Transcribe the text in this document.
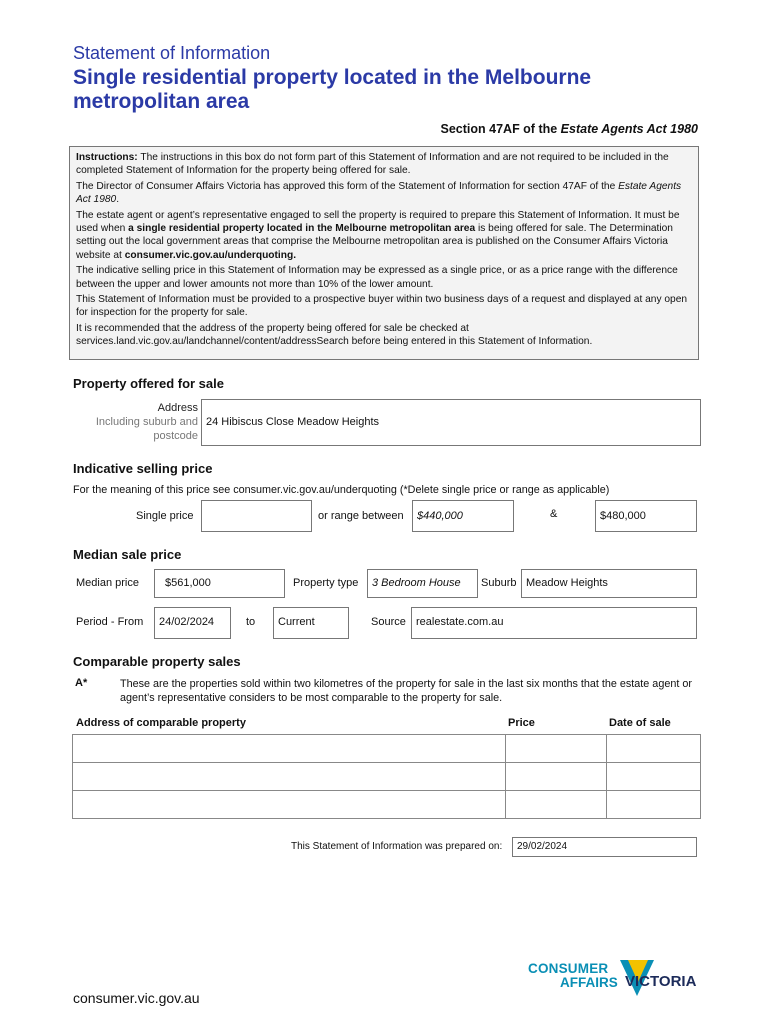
Statement of Information
Single residential property located in the Melbourne
metropolitan area
Section 47AF of the Estate Agents Act 1980

Instructions: The instructions in this box do not form part of this Statement of Information and are not required to be included in the completed Statement of Information for the property being offered for sale.

The Director of Consumer Affairs Victoria has approved this form of the Statement of Information for section 47AF of the Estate Agents Act 1980.

The estate agent or agent’s representative engaged to sell the property is required to prepare this Statement of Information. It must be used when a single residential property located in the Melbourne metropolitan area is being offered for sale. The Determination setting out the local government areas that comprise the Melbourne metropolitan area is published on the Consumer Affairs Victoria website at consumer.vic.gov.au/underquoting.

The indicative selling price in this Statement of Information may be expressed as a single price, or as a price range with the difference between the upper and lower amounts not more than 10% of the lower amount.

This Statement of Information must be provided to a prospective buyer within two business days of a request and displayed at any open for inspection for the property for sale.

It is recommended that the address of the property being offered for sale be checked at services.land.vic.gov.au/landchannel/content/addressSearch before being entered in this Statement of Information.

Property offered for sale
Address
Including suburb and
postcode
24 Hibiscus Close Meadow Heights
Indicative selling price
For the meaning of this price see consumer.vic.gov.au/underquoting (*Delete single price or range as applicable)
Single price	or range between	$440,000	&	$480,000
Median sale price
Median price	$561,000	Property type	3 Bedroom House	Suburb Meadow Heights
Period - From	24/02/2024	to	Current	Source realestate.com.au
Comparable property sales
A*	These are the properties sold within two kilometres of the property for sale in the last six months that the estate agent or agent’s representative considers to be most comparable to the property for sale.
Address of comparable property	Price	Date of sale

This Statement of Information was prepared on:	29/02/2024
CONSUMER
AFFAIRS VICTORIA
consumer.vic.gov.au
